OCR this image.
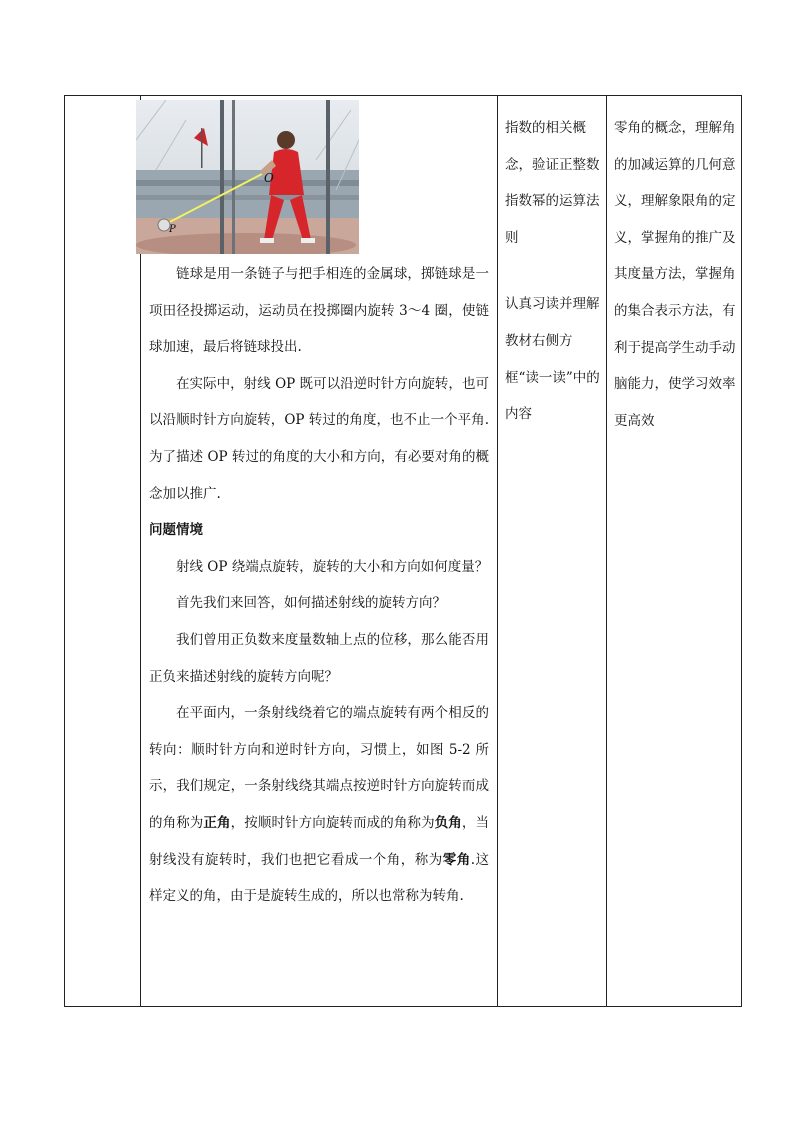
链球是用一条链子与把手相连的金属球，掷链球是一项田径投掷运动，运动员在投掷圈内旋转 3～4 圈，使链球加速，最后将链球投出.

在实际中，射线 OP 既可以沿逆时针方向旋转，也可以沿顺时针方向旋转，OP 转过的角度，也不止一个平角.为了描述 OP 转过的角度的大小和方向，有必要对角的概念加以推广.

问题情境

射线 OP 绕端点旋转，旋转的大小和方向如何度量？

首先我们来回答，如何描述射线的旋转方向？

我们曾用正负数来度量数轴上点的位移，那么能否用正负来描述射线的旋转方向呢？

在平面内，一条射线绕着它的端点旋转有两个相反的转向：顺时针方向和逆时针方向，习惯上，如图 5-2 所示，我们规定，一条射线绕其端点按逆时针方向旋转而成的角称为正角，按顺时针方向旋转而成的角称为负角，当射线没有旋转时，我们也把它看成一个角，称为零角.这样定义的角，由于是旋转生成的，所以也常称为转角.

指数的相关概念，验证正整数指数幂的运算法则

认真习读并理解教材右侧方框“读一读”中的内容

零角的概念，理解角的加减运算的几何意义，理解象限角的定义，掌握角的推广及其度量方法，掌握角的集合表示方法，有利于提高学生动手动脑能力，使学习效率更高效

O
P
